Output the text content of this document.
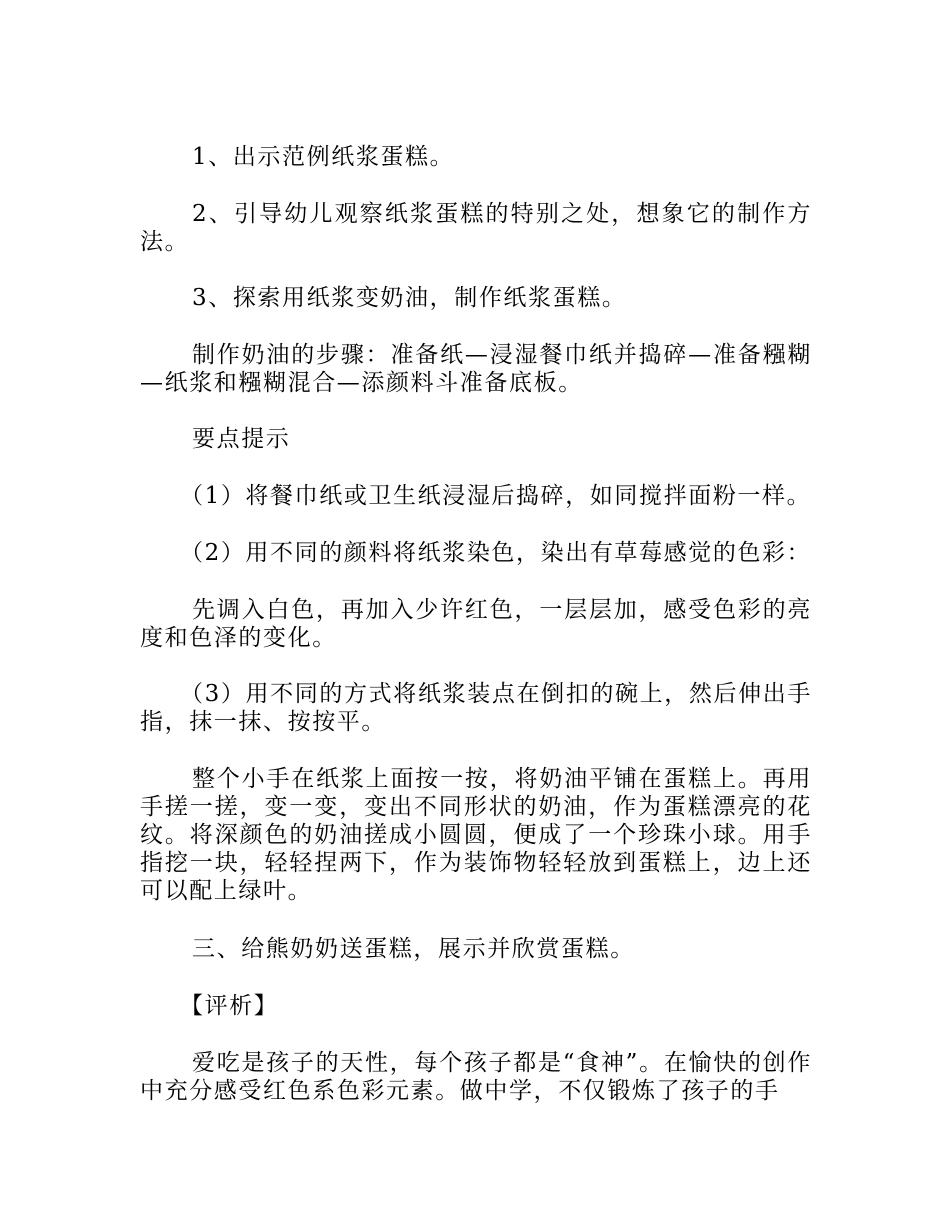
1、出示范例纸浆蛋糕。

2、引导幼儿观察纸浆蛋糕的特别之处，想象它的制作方法。

3、探索用纸浆变奶油，制作纸浆蛋糕。

制作奶油的步骤：准备纸—浸湿餐巾纸并捣碎—准备糨糊—纸浆和糨糊混合—添颜料斗准备底板。

要点提示

（1）将餐巾纸或卫生纸浸湿后捣碎，如同搅拌面粉一样。

（2）用不同的颜料将纸浆染色，染出有草莓感觉的色彩：

先调入白色，再加入少许红色，一层层加，感受色彩的亮度和色泽的变化。

（3）用不同的方式将纸浆装点在倒扣的碗上，然后伸出手指，抹一抹、按按平。

整个小手在纸浆上面按一按，将奶油平铺在蛋糕上。再用手搓一搓，变一变，变出不同形状的奶油，作为蛋糕漂亮的花纹。将深颜色的奶油搓成小圆圆，便成了一个珍珠小球。用手指挖一块，轻轻捏两下，作为装饰物轻轻放到蛋糕上，边上还可以配上绿叶。

三、给熊奶奶送蛋糕，展示并欣赏蛋糕。

【评析】

爱吃是孩子的天性，每个孩子都是“食神”。在愉快的创作中充分感受红色系色彩元素。做中学，不仅锻炼了孩子的手
